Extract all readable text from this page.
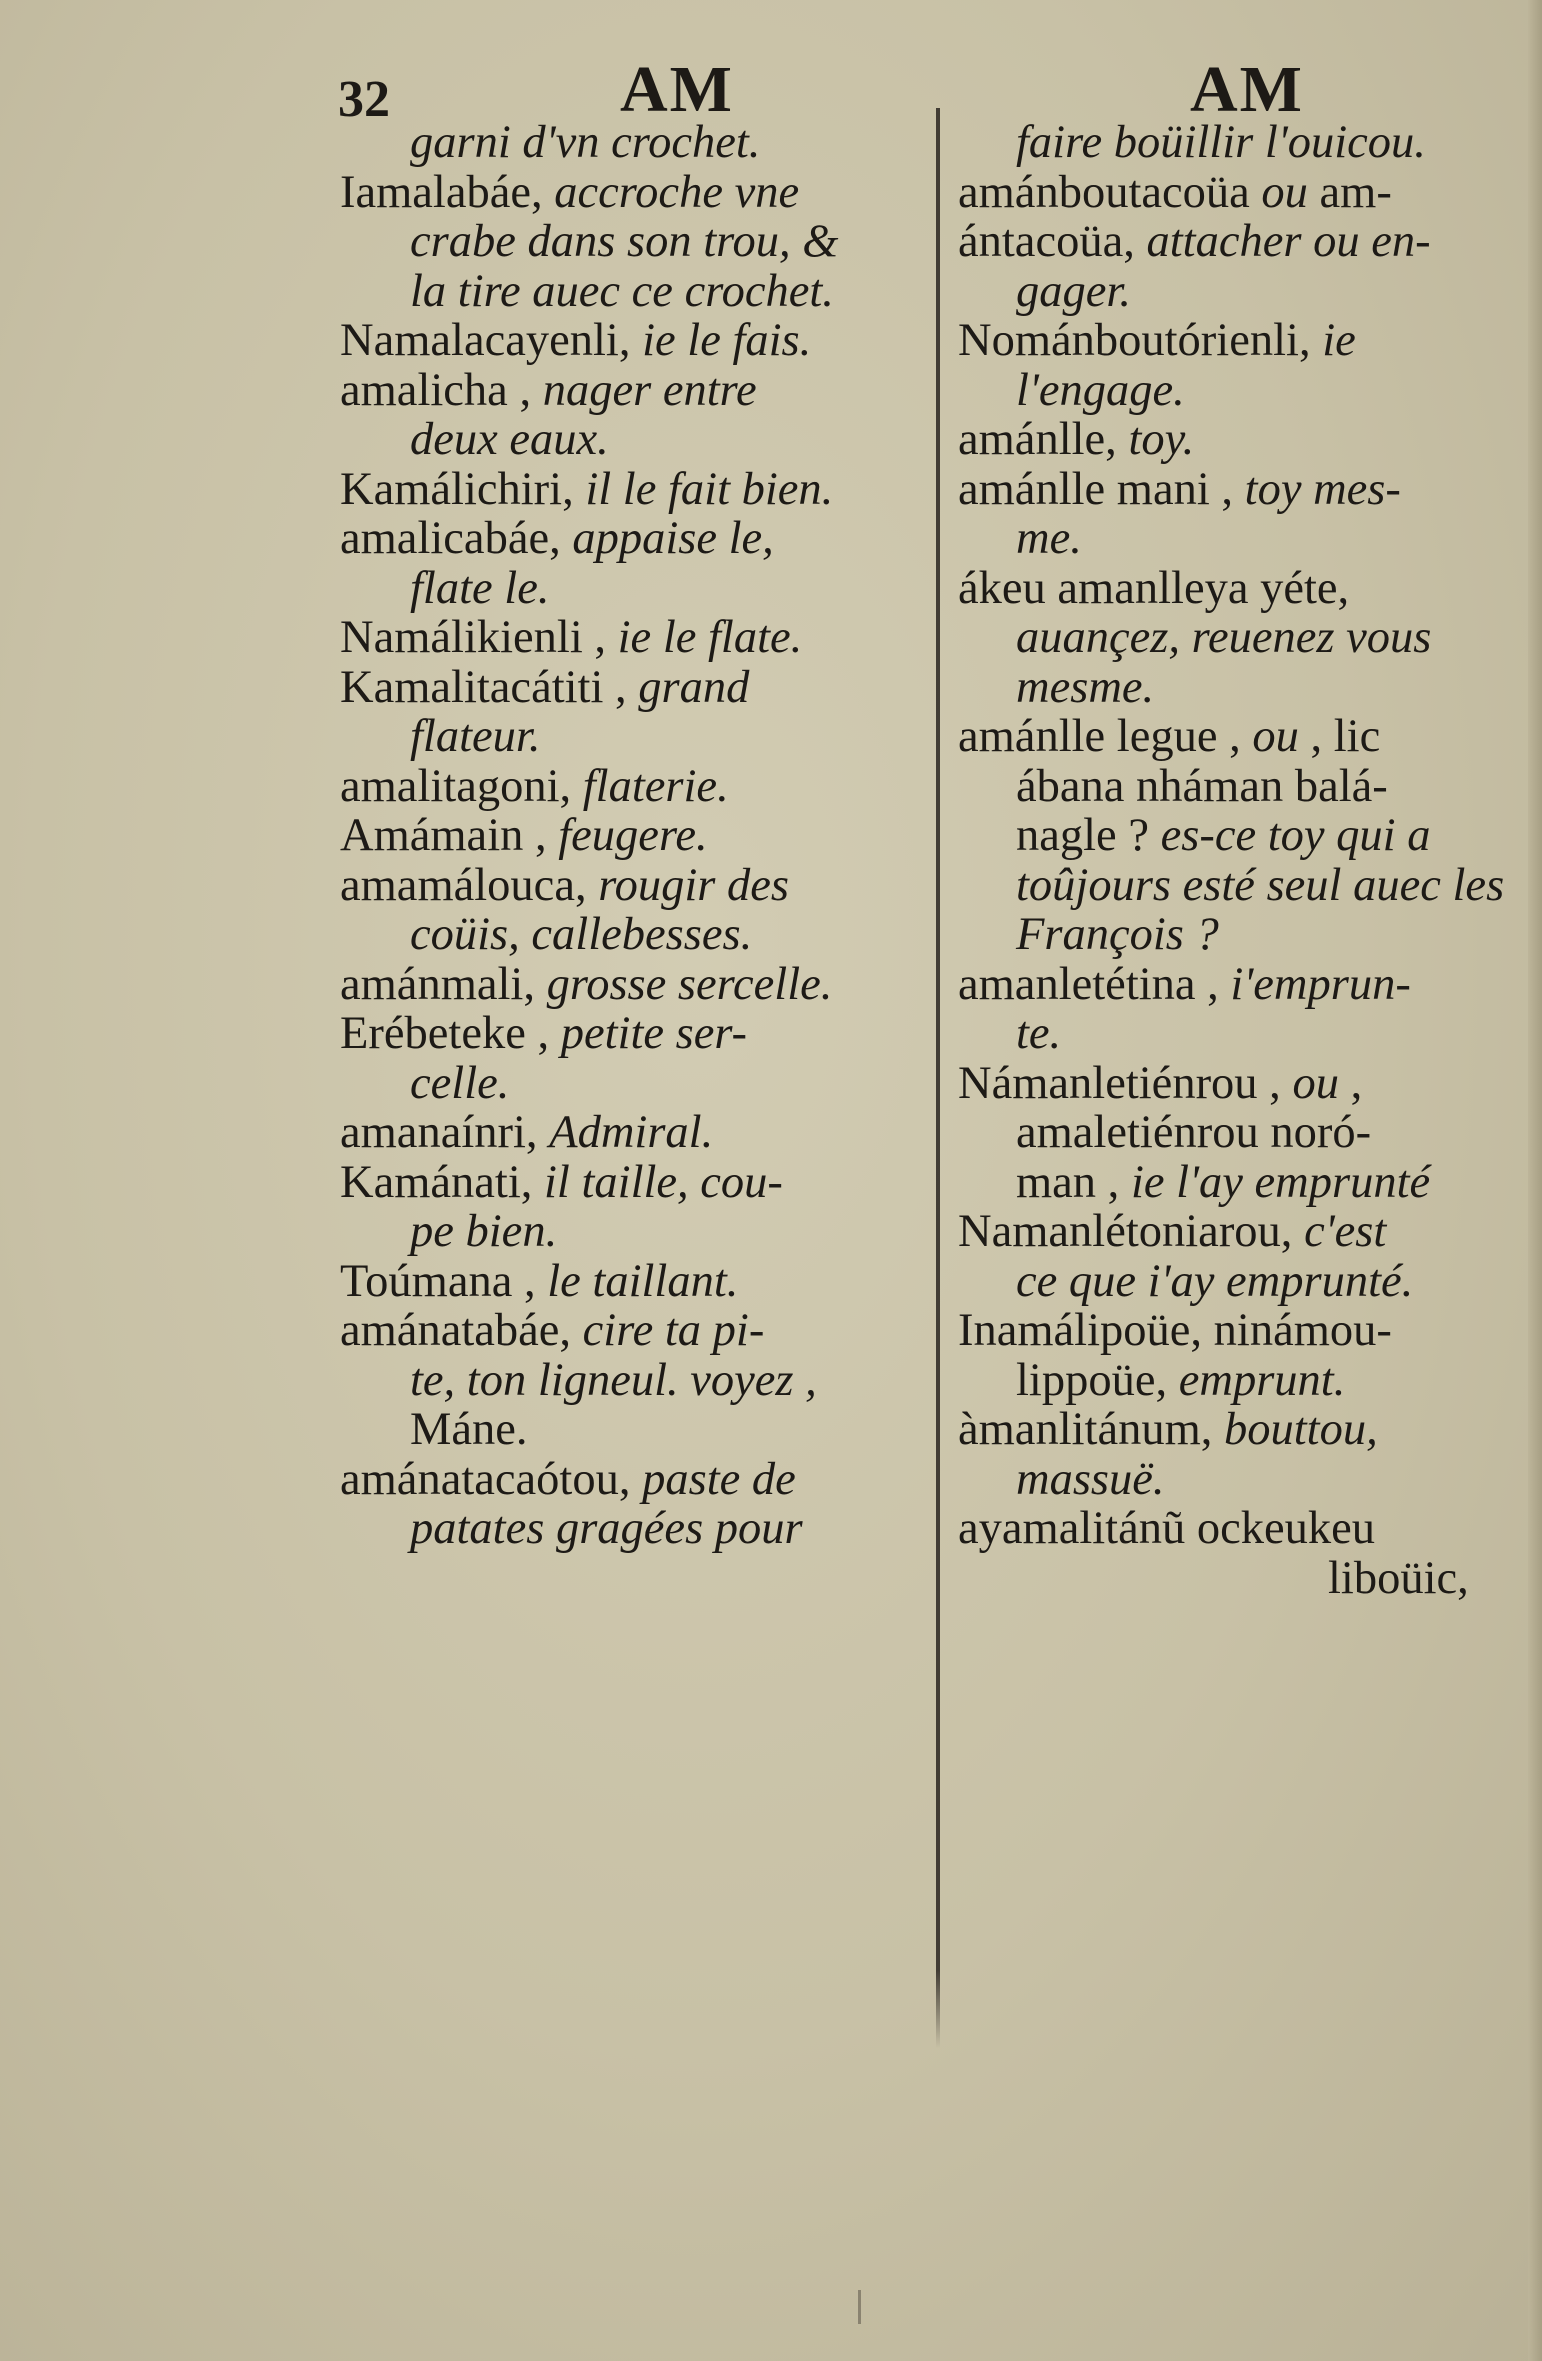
32	AM	AM
garni d'vn crochet.
Iamalabáe, accroche vne
crabe dans son trou, &
la tire auec ce crochet.
Namalacayenli, ie le fais.
amalicha , nager entre
deux eaux.
Kamálichiri, il le fait bien.
amalicabáe, appaise le,
flate le.
Namálikienli , ie le flate.
Kamalitacátiti , grand
flateur.
amalitagoni, flaterie.
Amámain , feugere.
amamálouca, rougir des
coüis, callebesses.
amánmali, grosse sercelle.
Erébeteke , petite ser-
celle.
amanaínri, Admiral.
Kamánati, il taille, cou-
pe bien.
Toúmana , le taillant.
amánatabáe, cire ta pi-
te, ton ligneul. voyez ,
Máne.
amánatacaótou, paste de
patates gragées pour
faire boüillir l'ouicou.
amánboutacoüa ou am-
ántacoüa, attacher ou en-
gager.
Nománboutórienli, ie
l'engage.
amánlle, toy.
amánlle mani , toy mes-
me.
ákeu amanlleya yéte,
auançez, reuenez vous
mesme.
amánlle legue , ou , lic
ábana nháman balá-
nagle ? es-ce toy qui a
toûjours esté seul auec les
François ?
amanletétina , i'emprun-
te.
Námanletiénrou , ou ,
amaletiénrou noró-
man , ie l'ay emprunté
Namanlétoniarou, c'est
ce que i'ay emprunté.
Inamálipoüe, ninámou-
lippoüe, emprunt.
àmanlitánum, bouttou,
massuë.
ayamalitánũ ockeukeu
liboüic,
